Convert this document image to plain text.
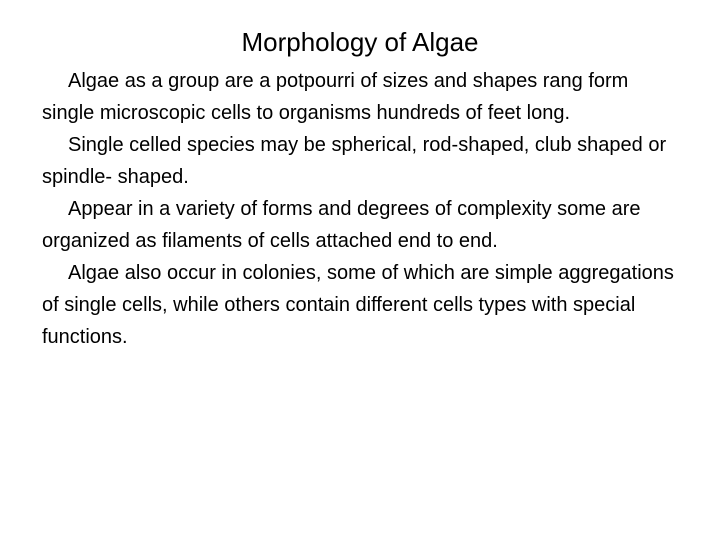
Morphology of Algae

Algae as a group are a potpourri of sizes and shapes rang form single microscopic cells to organisms hundreds of feet long.

Single celled species may be spherical, rod-shaped, club shaped or spindle- shaped.

Appear in a variety of forms and degrees of complexity some are organized as filaments of cells attached end to end.

Algae also occur in colonies, some of which are simple aggregations of single cells, while others contain different cells types with special functions.
